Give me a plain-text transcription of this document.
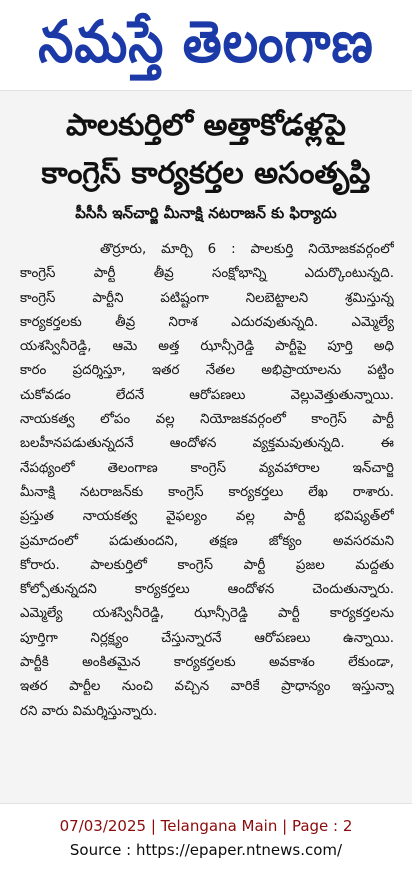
నమస్తే తెలంగాణ
పాలకుర్తిలో అత్తాకోడళ్లపై
కాంగ్రెస్ కార్యకర్తల అసంతృప్తి
పీసీసీ ఇన్‌చార్జి మీనాక్షి నటరాజన్ కు ఫిర్యాదు
తొర్రూరు, మార్చి 6 : పాలకుర్తి నియోజకవర్గంలో
కాంగ్రెస్ పార్టీ తీవ్ర సంక్షోభాన్ని ఎదుర్కొంటున్నది.
కాంగ్రెస్ పార్టీని పటిష్టంగా నిలబెట్టాలని శ్రమిస్తున్న
కార్యకర్తలకు తీవ్ర నిరాశ ఎదురవుతున్నది. ఎమ్మెల్యే
యశస్వినీరెడ్డి, ఆమె అత్త ఝాన్సీరెడ్డి పార్టీపై పూర్తి అధి
కారం ప్రదర్శిస్తూ, ఇతర నేతల అభిప్రాయాలను పట్టిం
చుకోవడం లేదనే ఆరోపణలు వెల్లువెత్తుతున్నాయి.
నాయకత్వ లోపం వల్ల నియోజకవర్గంలో కాంగ్రెస్ పార్టీ
బలహీనపడుతున్నదనే ఆందోళన వ్యక్తమవుతున్నది. ఈ
నేపథ్యంలో తెలంగాణ కాంగ్రెస్ వ్యవహారాల ఇన్‌చార్జి
మీనాక్షి నటరాజన్‌కు కాంగ్రెస్ కార్యకర్తలు లేఖ రాశారు.
ప్రస్తుత నాయకత్వ వైఫల్యం వల్ల పార్టీ భవిష్యత్‌లో
ప్రమాదంలో పడుతుందని, తక్షణ జోక్యం అవసరమని
కోరారు. పాలకుర్తిలో కాంగ్రెస్ పార్టీ ప్రజల మద్దతు
కోల్పోతున్నదని కార్యకర్తలు ఆందోళన చెందుతున్నారు.
ఎమ్మెల్యే యశస్వినీరెడ్డి, ఝాన్సీరెడ్డి పార్టీ కార్యకర్తలను
పూర్తిగా నిర్లక్ష్యం చేస్తున్నారనే ఆరోపణలు ఉన్నాయి.
పార్టీకి అంకితమైన కార్యకర్తలకు అవకాశం లేకుండా,
ఇతర పార్టీల నుంచి వచ్చిన వారికే ప్రాధాన్యం ఇస్తున్నా
రని వారు విమర్శిస్తున్నారు.
07/03/2025 | Telangana Main | Page : 2
Source : https://epaper.ntnews.com/
